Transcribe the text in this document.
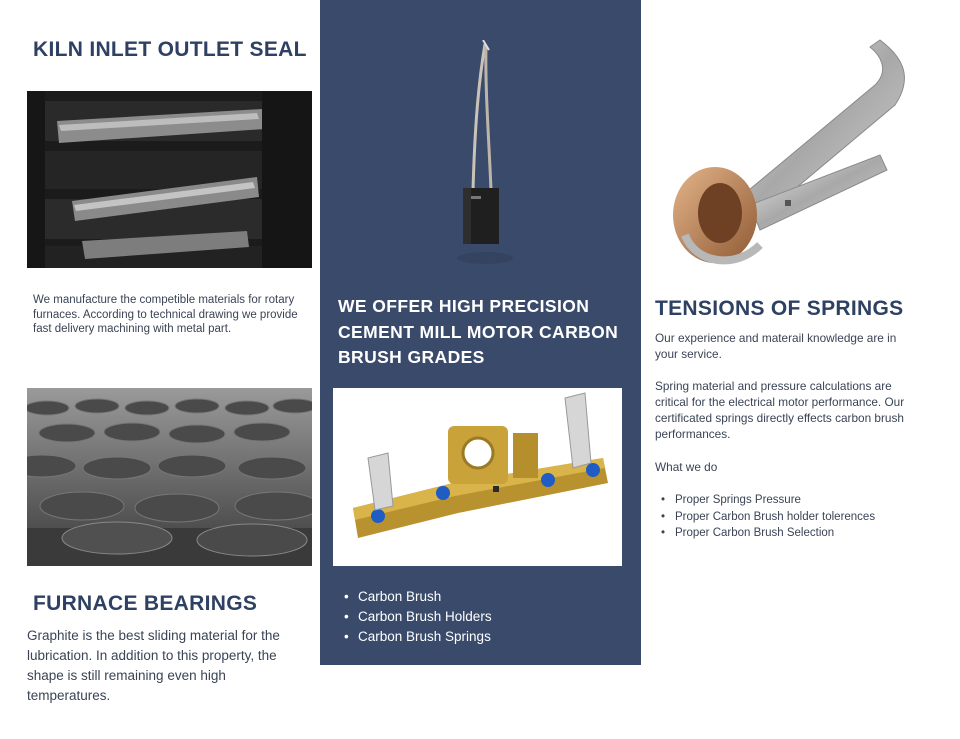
KILN INLET OUTLET SEAL
We manufacture the competible materials for rotary furnaces. According to technical drawing we provide fast delivery machining with metal part.
FURNACE BEARINGS
Graphite is the best sliding material for the lubrication. In addition to this property, the shape is still remaining even high temperatures.
WE OFFER HIGH PRECISION CEMENT MILL MOTOR CARBON BRUSH GRADES
• Carbon Brush
• Carbon Brush Holders
• Carbon Brush Springs
TENSIONS OF SPRINGS
Our experience and materail knowledge are in your service.
Spring material and pressure calculations are critical for the electrical motor performance. Our certificated springs directly effects carbon brush performances.
What we do
• Proper Springs Pressure
• Proper Carbon Brush holder tolerences
• Proper Carbon Brush Selection
